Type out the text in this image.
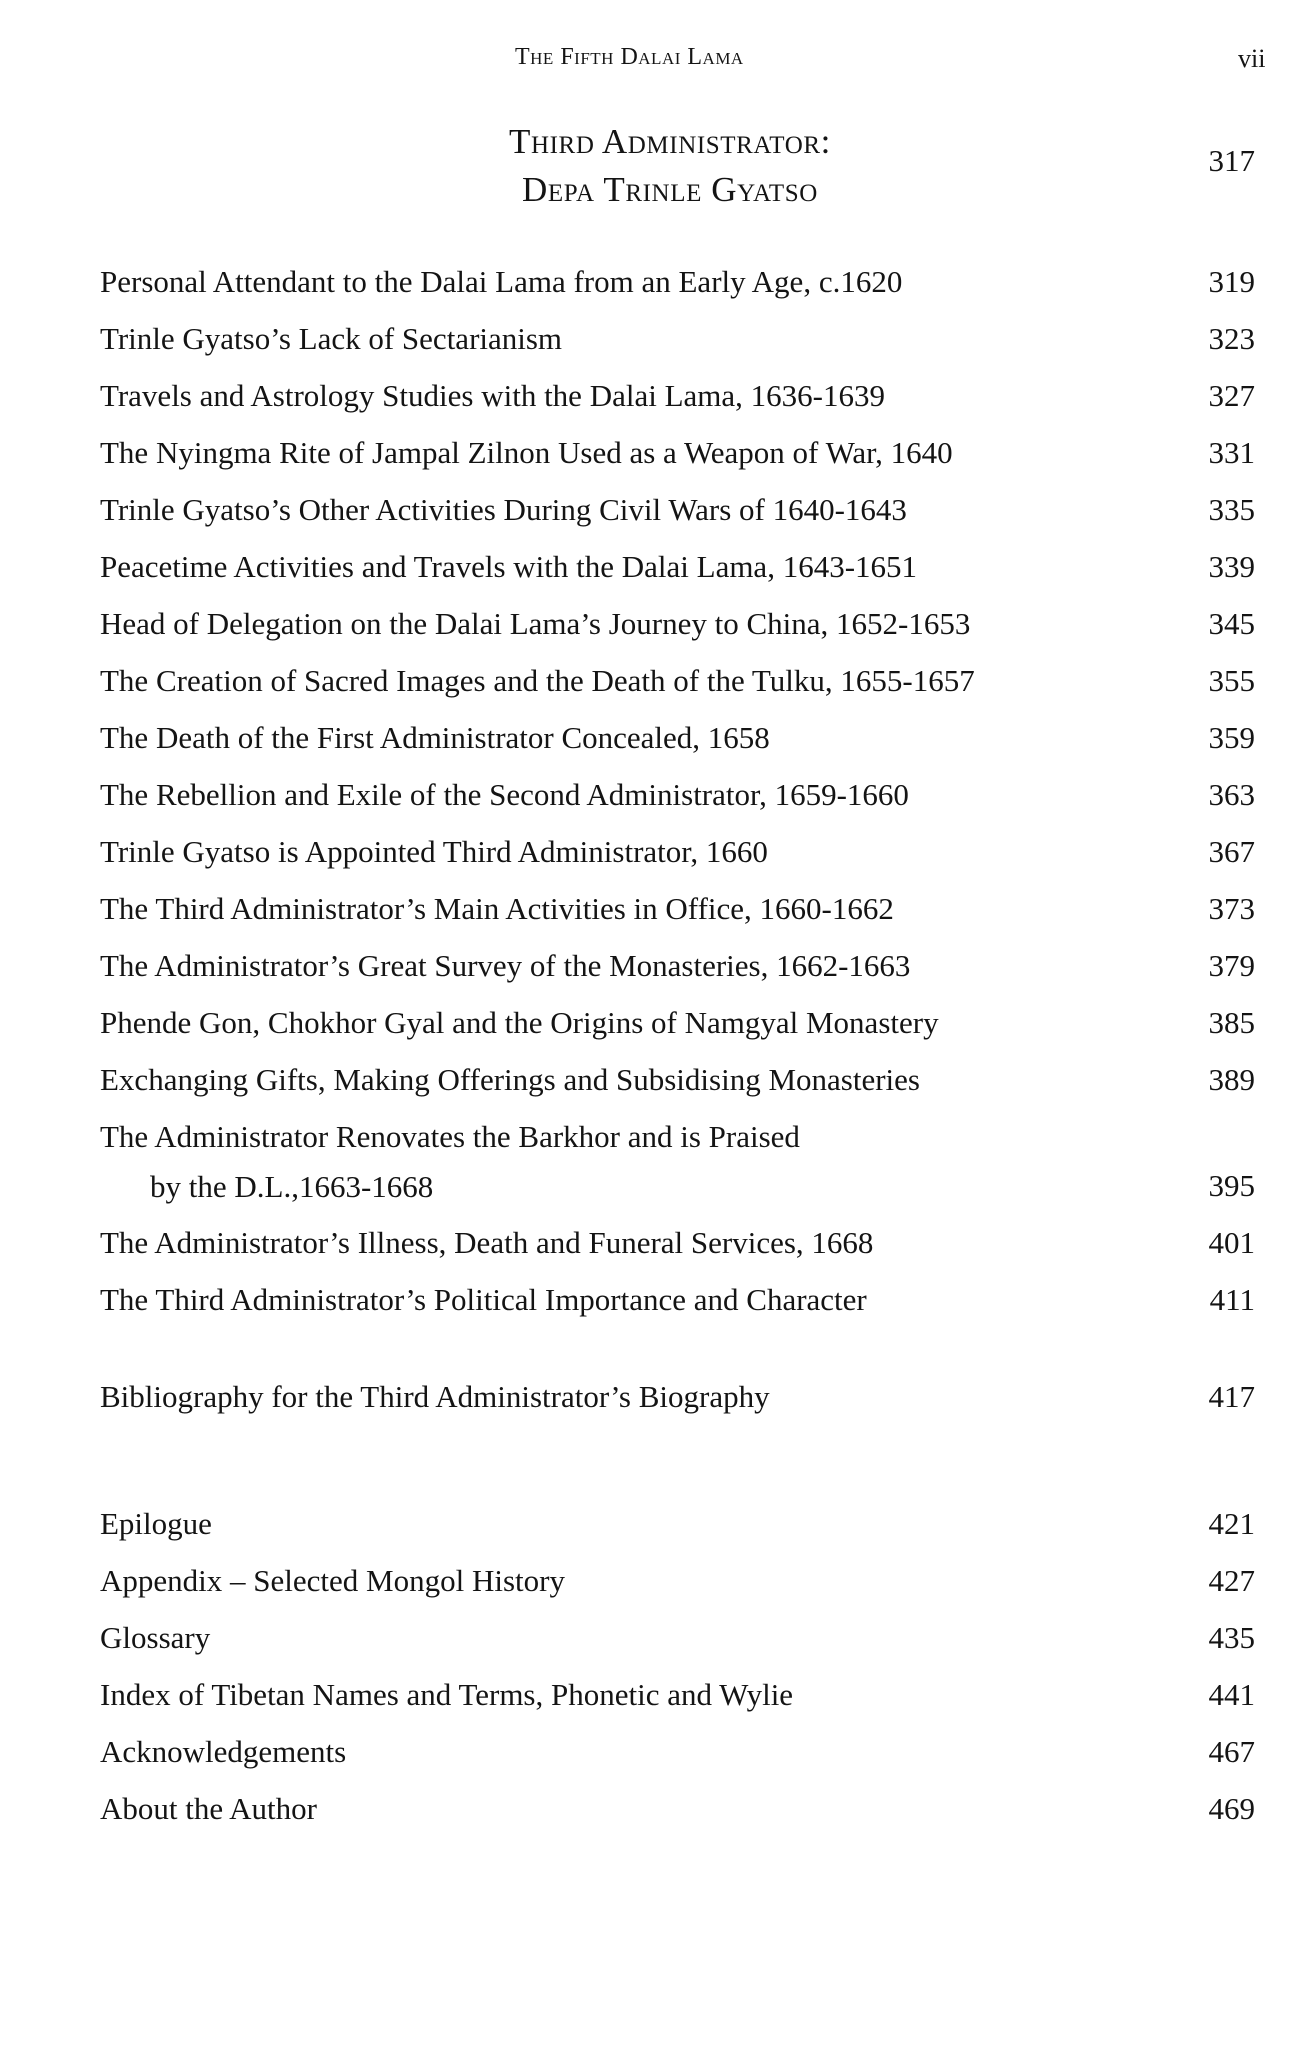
The Fifth Dalai Lama	vii
Third Administrator:
Depa Trinle Gyatso
317
Personal Attendant to the Dalai Lama from an Early Age, c.1620	319
Trinle Gyatso’s Lack of Sectarianism	323
Travels and Astrology Studies with the Dalai Lama, 1636-1639	327
The Nyingma Rite of Jampal Zilnon Used as a Weapon of War, 1640	331
Trinle Gyatso’s Other Activities During Civil Wars of 1640-1643	335
Peacetime Activities and Travels with the Dalai Lama, 1643-1651	339
Head of Delegation on the Dalai Lama’s Journey to China, 1652-1653	345
The Creation of Sacred Images and the Death of the Tulku, 1655-1657	355
The Death of the First Administrator Concealed, 1658	359
The Rebellion and Exile of the Second Administrator, 1659-1660	363
Trinle Gyatso is Appointed Third Administrator, 1660	367
The Third Administrator’s Main Activities in Office, 1660-1662	373
The Administrator’s Great Survey of the Monasteries, 1662-1663	379
Phende Gon, Chokhor Gyal and the Origins of Namgyal Monastery	385
Exchanging Gifts, Making Offerings and Subsidising Monasteries	389
The Administrator Renovates the Barkhor and is Praised
by the D.L.,1663-1668	395
The Administrator’s Illness, Death and Funeral Services, 1668	401
The Third Administrator’s Political Importance and Character	411
Bibliography for the Third Administrator’s Biography	417
Epilogue	421
Appendix – Selected Mongol History	427
Glossary	435
Index of Tibetan Names and Terms, Phonetic and Wylie	441
Acknowledgements	467
About the Author	469
